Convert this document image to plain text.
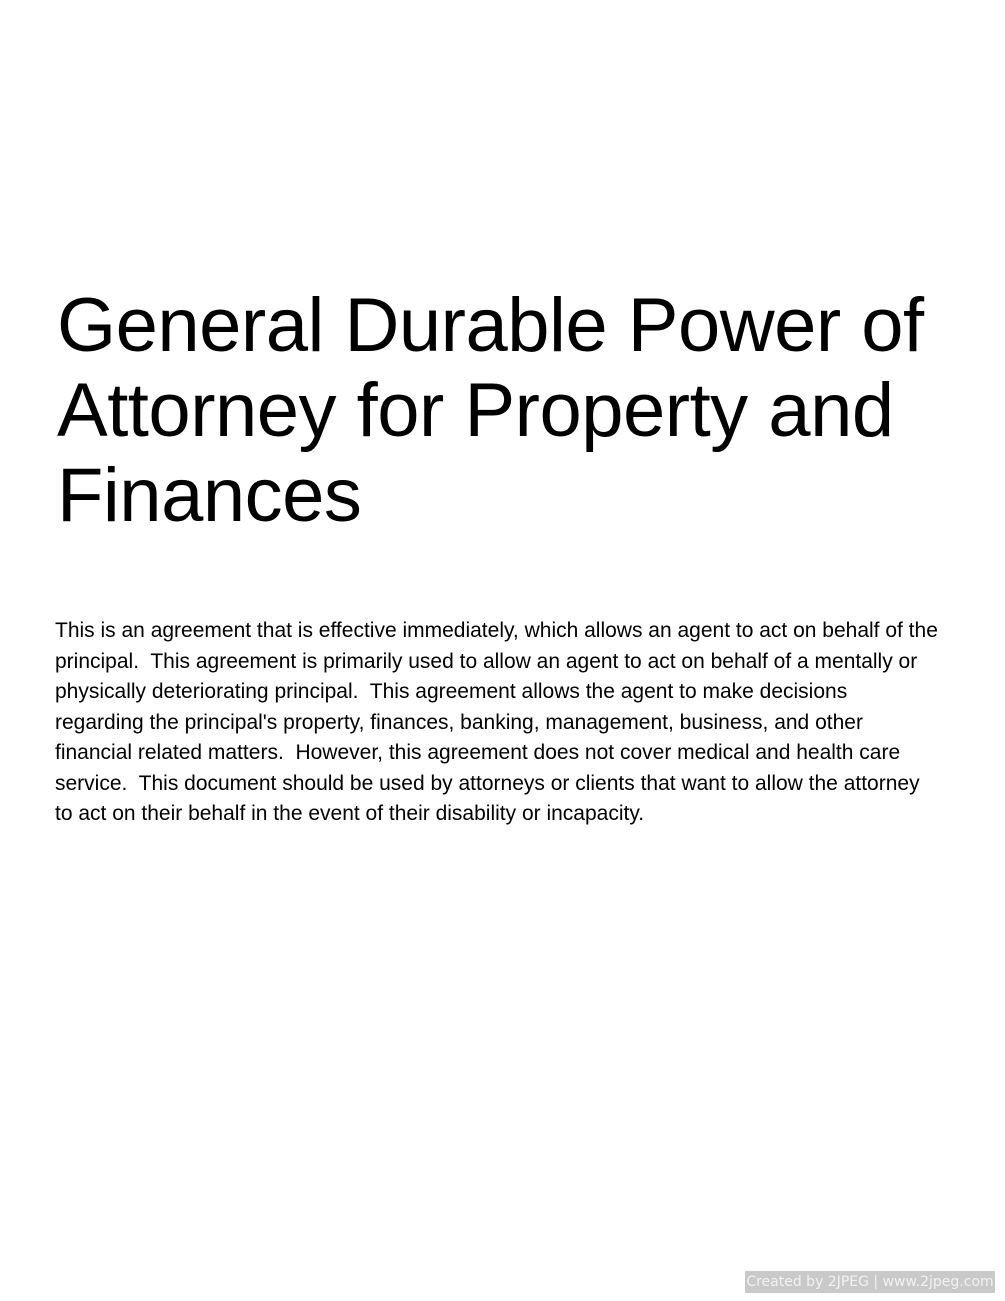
General Durable Power of
Attorney for Property and
Finances

This is an agreement that is effective immediately, which allows an agent to act on behalf of the principal.  This agreement is primarily used to allow an agent to act on behalf of a mentally or physically deteriorating principal.  This agreement allows the agent to make decisions regarding the principal's property, finances, banking, management, business, and other financial related matters.  However, this agreement does not cover medical and health care service.  This document should be used by attorneys or clients that want to allow the attorney to act on their behalf in the event of their disability or incapacity.

Created by 2JPEG | www.2jpeg.com
